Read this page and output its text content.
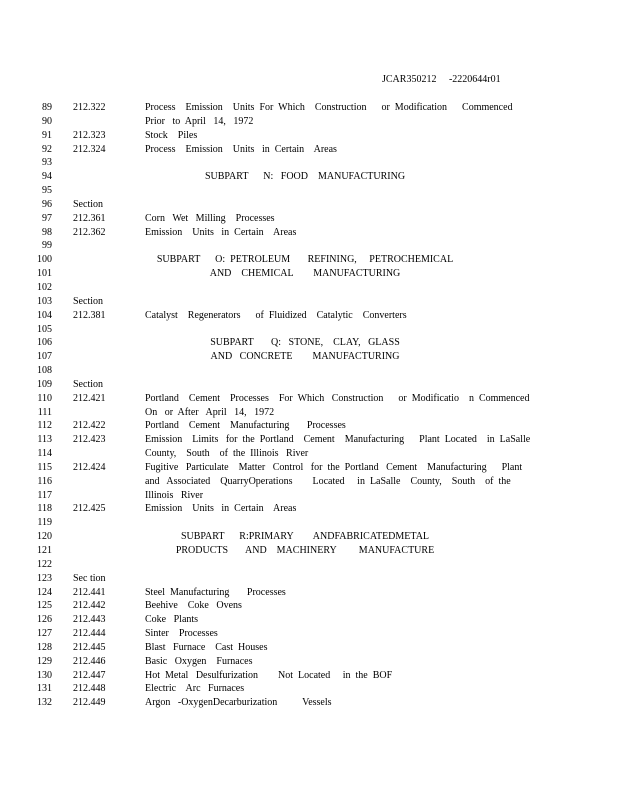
JCAR350212     -2220644r01
89 212.322	Process    Emission    Units  For  Which    Construction      or  Modification      Commenced
90	Prior   to  April   14,   1972
91 212.323	Stock    Piles
92 212.324	Process    Emission    Units   in  Certain    Areas
93
94	SUBPART      N:   FOOD    MANUFACTURING
95
96 Section
97 212.361	Corn   Wet   Milling    Processes
98 212.362	Emission    Units   in  Certain    Areas
99
100	SUBPART      O:  PETROLEUM       REFINING,     PETROCHEMICAL
101	AND    CHEMICAL        MANUFACTURING
102
103 Section
104 212.381	Catalyst    Regenerators      of  Fluidized    Catalytic    Converters
105
106	SUBPART       Q:   STONE,    CLAY,   GLASS
107	AND   CONCRETE        MANUFACTURING
108
109 Section
110 212.421	Portland    Cement    Processes    For  Which   Construction      or  Modificatio    n  Commenced
111	On   or  After   April   14,   1972
112 212.422	Portland    Cement    Manufacturing       Processes
113 212.423	Emission    Limits   for  the  Portland    Cement    Manufacturing      Plant  Located    in  LaSalle
114	County,    South    of  the  Illinois   River
115 212.424	Fugitive   Particulate    Matter   Control   for  the  Portland   Cement    Manufacturing      Plant
116	and   Associated    QuarryOperations        Located     in  LaSalle    County,    South    of  the
117	Illinois   River
118 212.425	Emission    Units   in  Certain    Areas
119
120	SUBPART      R:PRIMARY        ANDFABRICATEDMETAL
121	PRODUCTS       AND    MACHINERY         MANUFACTURE
122
123 Sec tion
124 212.441	Steel  Manufacturing       Processes
125 212.442	Beehive    Coke   Ovens
126 212.443	Coke   Plants
127 212.444	Sinter    Processes
128 212.445	Blast   Furnace    Cast  Houses
129 212.446	Basic   Oxygen    Furnaces
130 212.447	Hot  Metal   Desulfurization        Not  Located     in  the  BOF
131 212.448	Electric    Arc   Furnaces
132 212.449	Argon   -OxygenDecarburization          Vessels
